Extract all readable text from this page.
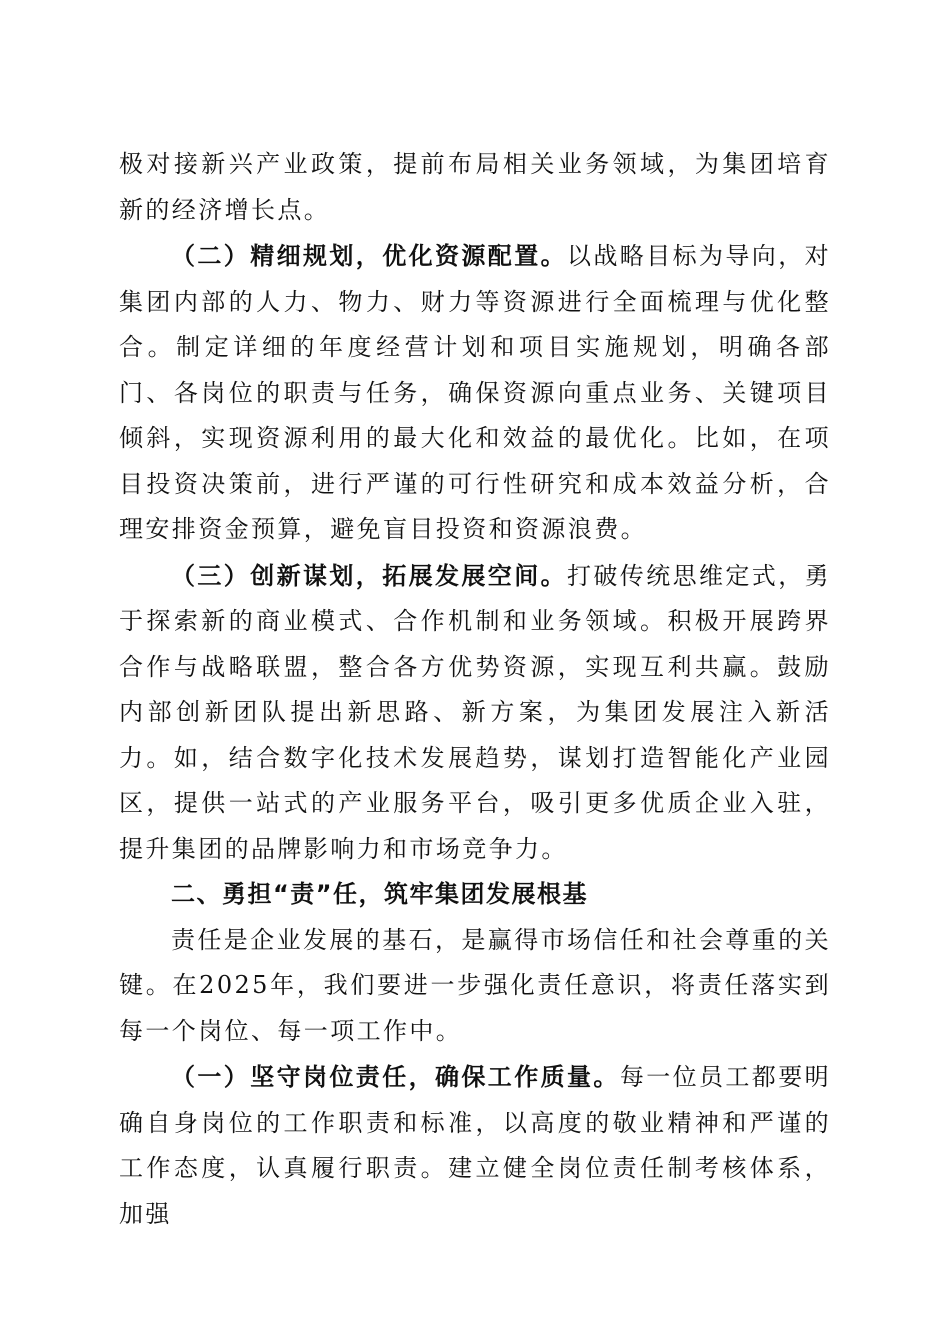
极对接新兴产业政策，提前布局相关业务领域，为集团培育新的经济增长点。

（二）精细规划，优化资源配置。以战略目标为导向，对集团内部的人力、物力、财力等资源进行全面梳理与优化整合。制定详细的年度经营计划和项目实施规划，明确各部门、各岗位的职责与任务，确保资源向重点业务、关键项目倾斜，实现资源利用的最大化和效益的最优化。比如，在项目投资决策前，进行严谨的可行性研究和成本效益分析，合理安排资金预算，避免盲目投资和资源浪费。

（三）创新谋划，拓展发展空间。打破传统思维定式，勇于探索新的商业模式、合作机制和业务领域。积极开展跨界合作与战略联盟，整合各方优势资源，实现互利共赢。鼓励内部创新团队提出新思路、新方案，为集团发展注入新活力。如，结合数字化技术发展趋势，谋划打造智能化产业园区，提供一站式的产业服务平台，吸引更多优质企业入驻，提升集团的品牌影响力和市场竞争力。

二、勇担“责”任，筑牢集团发展根基

责任是企业发展的基石，是赢得市场信任和社会尊重的关键。在2025年，我们要进一步强化责任意识，将责任落实到每一个岗位、每一项工作中。

（一）坚守岗位责任，确保工作质量。每一位员工都要明确自身岗位的工作职责和标准，以高度的敬业精神和严谨的工作态度，认真履行职责。建立健全岗位责任制考核体系，加强
